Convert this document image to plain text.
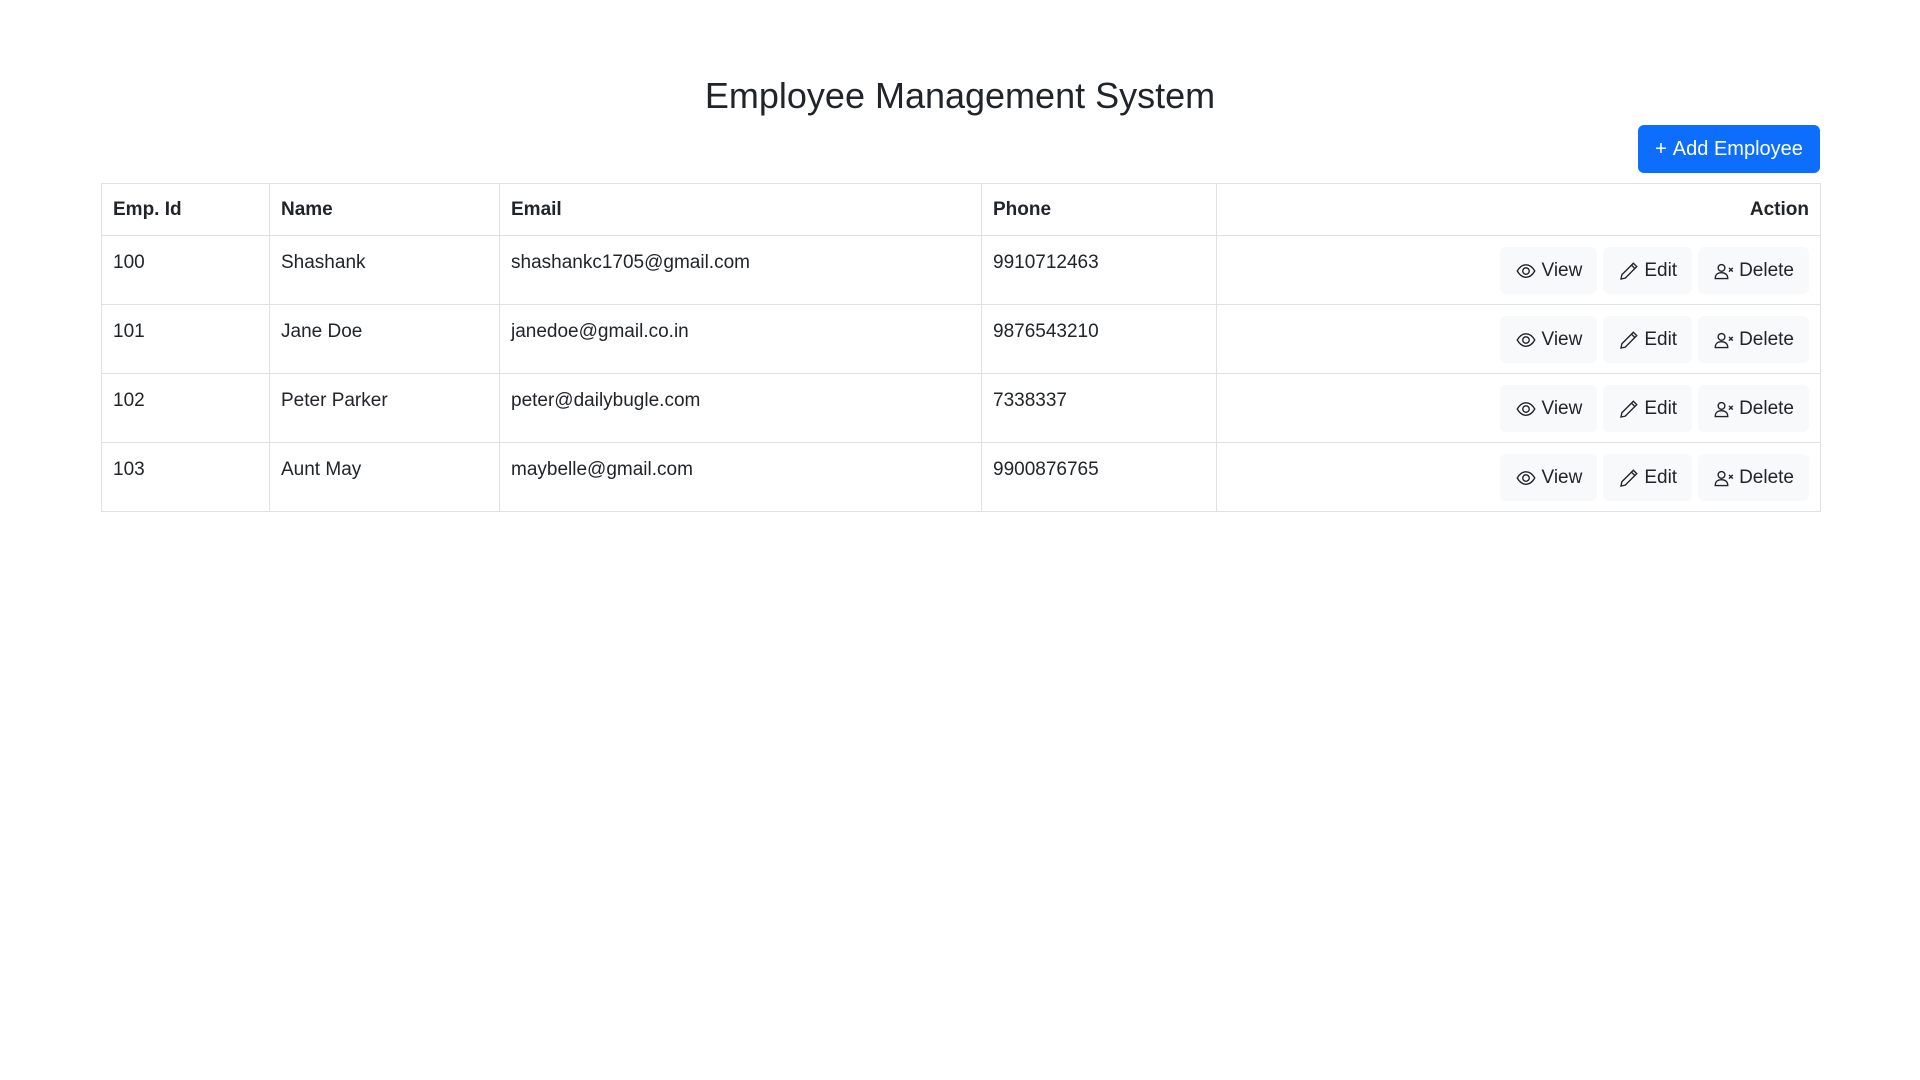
Employee Management System
+ Add Employee
Emp. Id	Name	Email	Phone	Action
100	Shashank	shashankc1705@gmail.com	9910712463	View Edit Delete

101	Jane Doe	janedoe@gmail.co.in	9876543210	View Edit Delete

102	Peter Parker	peter@dailybugle.com	7338337	View Edit Delete

103	Aunt May	maybelle@gmail.com	9900876765	View Edit Delete
